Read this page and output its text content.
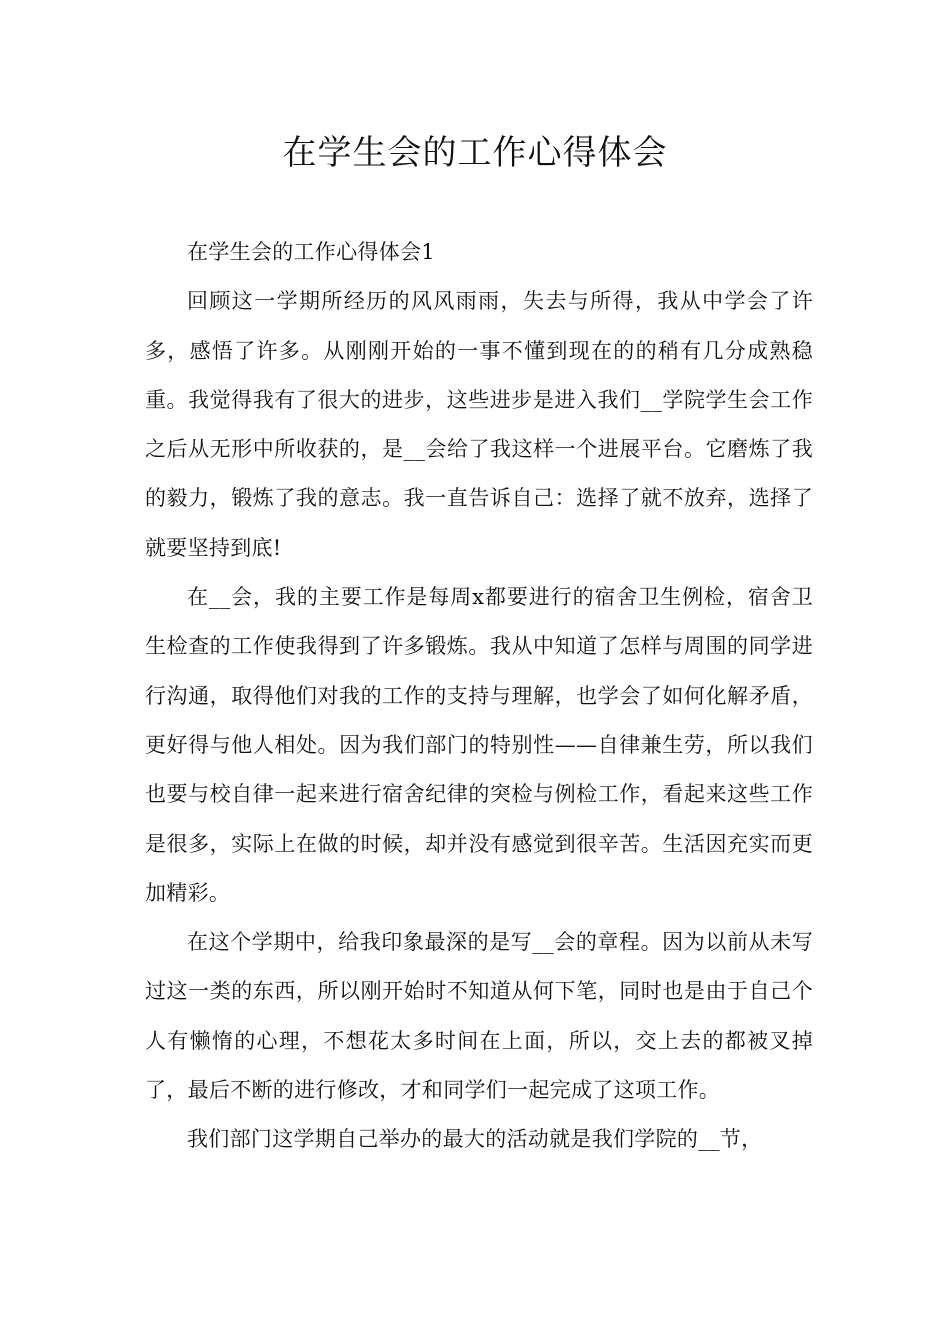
在学生会的工作心得体会

在学生会的工作心得体会1

回顾这一学期所经历的风风雨雨，失去与所得，我从中学会了许多，感悟了许多。从刚刚开始的一事不懂到现在的的稍有几分成熟稳重。我觉得我有了很大的进步，这些进步是进入我们__学院学生会工作之后从无形中所收获的，是__会给了我这样一个进展平台。它磨炼了我的毅力，锻炼了我的意志。我一直告诉自己：选择了就不放弃，选择了就要坚持到底!

在__会，我的主要工作是每周x都要进行的宿舍卫生例检，宿舍卫生检查的工作使我得到了许多锻炼。我从中知道了怎样与周围的同学进行沟通，取得他们对我的工作的支持与理解，也学会了如何化解矛盾，更好得与他人相处。因为我们部门的特别性——自律兼生劳，所以我们也要与校自律一起来进行宿舍纪律的突检与例检工作，看起来这些工作是很多，实际上在做的时候，却并没有感觉到很辛苦。生活因充实而更加精彩。

在这个学期中，给我印象最深的是写__会的章程。因为以前从未写过这一类的东西，所以刚开始时不知道从何下笔，同时也是由于自己个人有懒惰的心理，不想花太多时间在上面，所以，交上去的都被叉掉了，最后不断的进行修改，才和同学们一起完成了这项工作。

我们部门这学期自己举办的最大的活动就是我们学院的__节，
